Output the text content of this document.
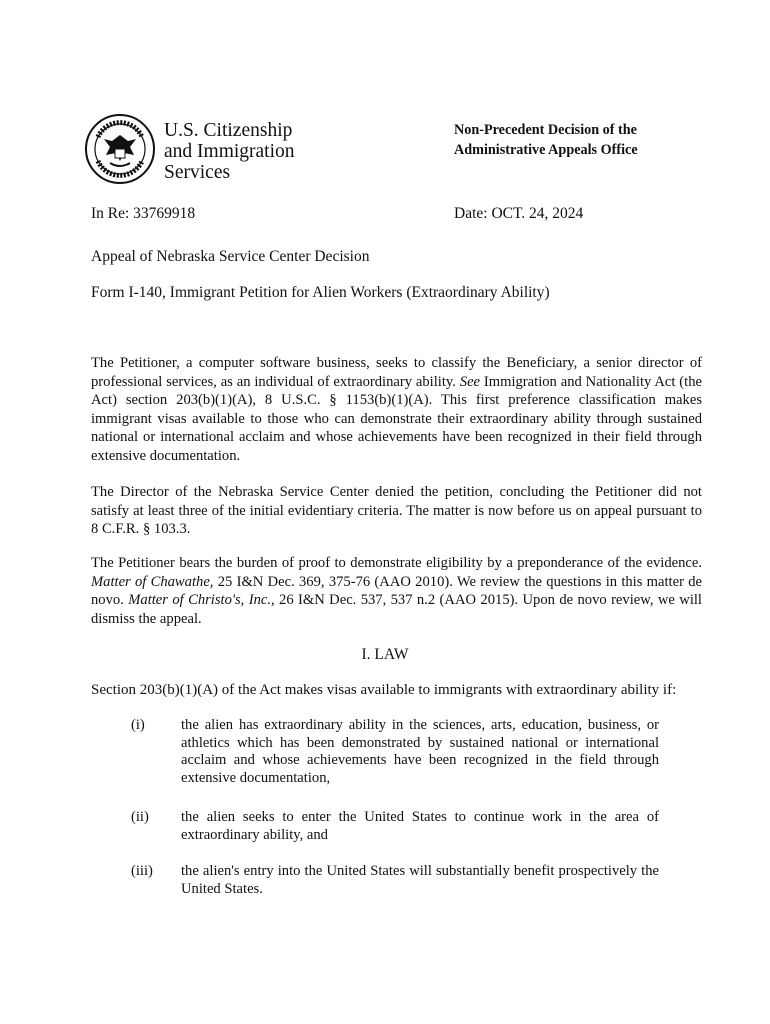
U.S. Citizenship
and Immigration
Services
Non-Precedent Decision of the
Administrative Appeals Office
In Re: 33769918	Date: OCT. 24, 2024
Appeal of Nebraska Service Center Decision
Form I-140, Immigrant Petition for Alien Workers (Extraordinary Ability)

The Petitioner, a computer software business, seeks to classify the Beneficiary, a senior director of professional services, as an individual of extraordinary ability. See Immigration and Nationality Act (the Act) section 203(b)(1)(A), 8 U.S.C. § 1153(b)(1)(A). This first preference classification makes immigrant visas available to those who can demonstrate their extraordinary ability through sustained national or international acclaim and whose achievements have been recognized in their field through extensive documentation.

The Director of the Nebraska Service Center denied the petition, concluding the Petitioner did not satisfy at least three of the initial evidentiary criteria. The matter is now before us on appeal pursuant to 8 C.F.R. § 103.3.

The Petitioner bears the burden of proof to demonstrate eligibility by a preponderance of the evidence. Matter of Chawathe, 25 I&N Dec. 369, 375-76 (AAO 2010). We review the questions in this matter de novo. Matter of Christo's, Inc., 26 I&N Dec. 537, 537 n.2 (AAO 2015). Upon de novo review, we will dismiss the appeal.

I. LAW
Section 203(b)(1)(A) of the Act makes visas available to immigrants with extraordinary ability if:
(i) the alien has extraordinary ability in the sciences, arts, education, business, or athletics which has been demonstrated by sustained national or international acclaim and whose achievements have been recognized in the field through extensive documentation,
(ii) the alien seeks to enter the United States to continue work in the area of extraordinary ability, and
(iii) the alien's entry into the United States will substantially benefit prospectively the United States.
